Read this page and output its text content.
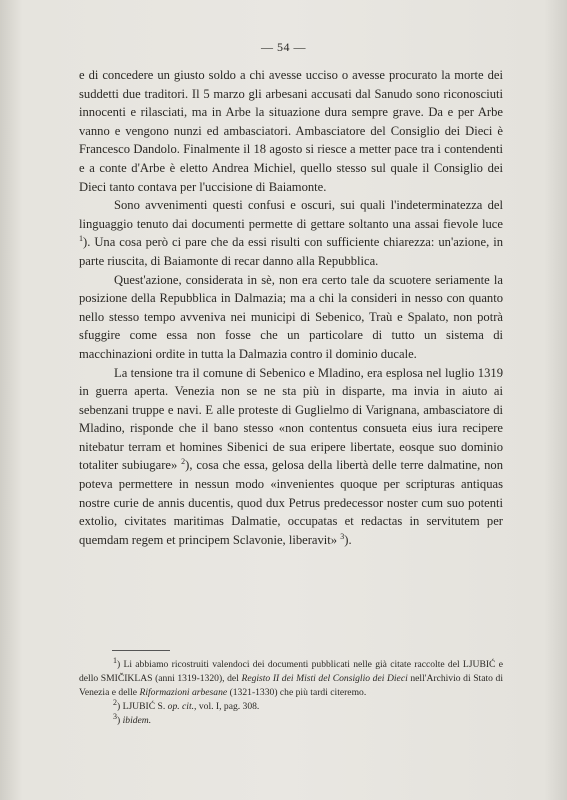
— 54 —

e di concedere un giusto soldo a chi avesse ucciso o avesse procurato la morte dei suddetti due traditori. Il 5 marzo gli arbesani accusati dal Sanudo sono riconosciuti innocenti e rilasciati, ma in Arbe la situazione dura sempre grave. Da e per Arbe vanno e vengono nunzi ed ambasciatori. Ambasciatore del Consiglio dei Dieci è Francesco Dandolo. Finalmente il 18 agosto si riesce a metter pace tra i contendenti e a conte d'Arbe è eletto Andrea Michiel, quello stesso sul quale il Consiglio dei Dieci tanto contava per l'uccisione di Baiamonte.

Sono avvenimenti questi confusi e oscuri, sui quali l'indeterminatezza del linguaggio tenuto dai documenti permette di gettare soltanto una assai fievole luce $^1$). Una cosa però ci pare che da essi risulti con sufficiente chiarezza: un'azione, in parte riuscita, di Baiamonte di recar danno alla Repubblica.

Quest'azione, considerata in sè, non era certo tale da scuotere seriamente la posizione della Repubblica in Dalmazia; ma a chi la consideri in nesso con quanto nello stesso tempo avveniva nei municipi di Sebenico, Traù e Spalato, non potrà sfuggire come essa non fosse che un particolare di tutto un sistema di macchinazioni ordite in tutta la Dalmazia contro il dominio ducale.

La tensione tra il comune di Sebenico e Mladino, era esplosa nel luglio 1319 in guerra aperta. Venezia non se ne sta più in disparte, ma invia in aiuto ai sebenzani truppe e navi. E alle proteste di Guglielmo di Varignana, ambasciatore di Mladino, risponde che il bano stesso «non contentus consueta eius iura recipere nitebatur terram et homines Sibenici de sua eripere libertate, eosque suo dominio totaliter subiugare» $^2$), cosa che essa, gelosa della libertà delle terre dalmatine, non poteva permettere in nessun modo «invenientes quoque per scripturas antiquas nostre curie de annis ducentis, quod dux Petrus predecessor noster cum suo potenti extolio, civitates maritimas Dalmatie, occupatas et redactas in servitutem per quemdam regem et principem Sclavonie, liberavit» $^3$).

$^1$) Li abbiamo ricostruiti valendoci dei documenti pubblicati nelle già citate raccolte del LJUBIĆ e dello SMIČIKLAS (anni 1319-1320), del Registo II dei Misti del Consiglio dei Dieci nell'Archivio di Stato di Venezia e delle Riformazioni arbesane (1321-1330) che più tardi citeremo.

$^2$) LJUBIĆ S. op. cit., vol. I, pag. 308.

$^3$) ibidem.
